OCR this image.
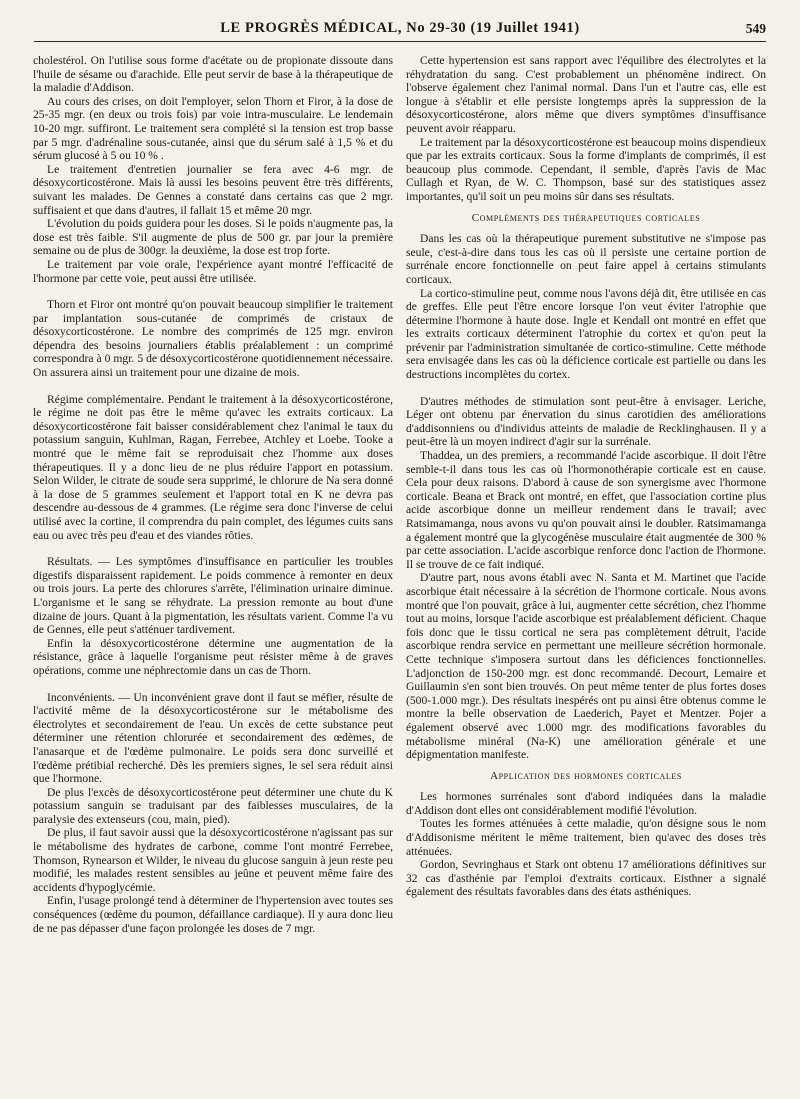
LE PROGRÈS MÉDICAL, No 29-30 (19 Juillet 1941)	549

cholestérol. On l'utilise sous forme d'acétate ou de propionate dissoute dans l'huile de sésame ou d'arachide. Elle peut servir de base à la thérapeutique de la maladie d'Addison.

Au cours des crises, on doit l'employer, selon Thorn et Firor, à la dose de 25-35 mgr. (en deux ou trois fois) par voie intra-musculaire. Le lendemain 10-20 mgr. suffiront. Le traitement sera complété si la tension est trop basse par 5 mgr. d'adrénaline sous-cutanée, ainsi que du sérum salé à 1,5 % et du sérum glucosé à 5 ou 10 % .

Le traitement d'entretien journalier se fera avec 4-6 mgr. de désoxycorticostérone. Mais là aussi les besoins peuvent être très différents, suivant les malades. De Gennes a constaté dans certains cas que 2 mgr. suffisaient et que dans d'autres, il fallait 15 et même 20 mgr.

L'évolution du poids guidera pour les doses. Si le poids n'augmente pas, la dose est très faible. S'il augmente de plus de 500 gr. par jour la première semaine ou de plus de 300gr. la deuxième, la dose est trop forte.

Le traitement par voie orale, l'expérience ayant montré l'efficacité de l'hormone par cette voie, peut aussi être utilisée.

Thorn et Firor ont montré qu'on pouvait beaucoup simplifier le traitement par implantation sous-cutanée de comprimés de cristaux de désoxycorticostérone. Le nombre des comprimés de 125 mgr. environ dépendra des besoins journaliers établis préalablement : un comprimé correspondra à 0 mgr. 5 de désoxycorticostérone quotidiennement nécessaire. On assurera ainsi un traitement pour une dizaine de mois.

Régime complémentaire. Pendant le traitement à la désoxycorticostérone, le régime ne doit pas être le même qu'avec les extraits corticaux. La désoxycorticostérone fait baisser considérablement chez l'animal le taux du potassium sanguin, Kuhlman, Ragan, Ferrebee, Atchley et Loebe. Tooke a montré que le même fait se reproduisait chez l'homme aux doses thérapeutiques. Il y a donc lieu de ne plus réduire l'apport en potassium. Selon Wilder, le citrate de soude sera supprimé, le chlorure de Na sera donné à la dose de 5 grammes seulement et l'apport total en K ne devra pas descendre au-dessous de 4 grammes. (Le régime sera donc l'inverse de celui utilisé avec la cortine, il comprendra du pain complet, des légumes cuits sans eau ou avec très peu d'eau et des viandes rôties.

Résultats. — Les symptômes d'insuffisance en particulier les troubles digestifs disparaissent rapidement. Le poids commence à remonter en deux ou trois jours. La perte des chlorures s'arrête, l'élimination urinaire diminue. L'organisme et le sang se réhydrate. La pression remonte au bout d'une dizaine de jours. Quant à la pigmentation, les résultats varient. Comme l'a vu de Gennes, elle peut s'atténuer tardivement.

Enfin la désoxycorticostérone détermine une augmentation de la résistance, grâce à laquelle l'organisme peut résister même à de graves opérations, comme une néphrectomie dans un cas de Thorn.

Inconvénients. — Un inconvénient grave dont il faut se méfier, résulte de l'activité même de la désoxycorticostérone sur le métabolisme des électrolytes et secondairement de l'eau. Un excès de cette substance peut déterminer une rétention chlorurée et secondairement des œdèmes, de l'anasarque et de l'œdème pulmonaire. Le poids sera donc surveillé et l'œdème prétibial recherché. Dès les premiers signes, le sel sera réduit ainsi que l'hormone.

De plus l'excès de désoxycorticostérone peut déterminer une chute du K potassium sanguin se traduisant par des faiblesses musculaires, de la paralysie des extenseurs (cou, main, pied).

De plus, il faut savoir aussi que la désoxycorticostérone n'agissant pas sur le métabolisme des hydrates de carbone, comme l'ont montré Ferrebee, Thomson, Rynearson et Wilder, le niveau du glucose sanguin à jeun reste peu modifié, les malades restent sensibles au jeûne et peuvent même faire des accidents d'hypoglycémie.

Enfin, l'usage prolongé tend à déterminer de l'hypertension avec toutes ses conséquences (œdème du poumon, défaillance cardiaque). Il y aura donc lieu de ne pas dépasser d'une façon prolongée les doses de 7 mgr.

Cette hypertension est sans rapport avec l'équilibre des électrolytes et la réhydratation du sang. C'est probablement un phénomène indirect. On l'observe également chez l'animal normal. Dans l'un et l'autre cas, elle est longue à s'établir et elle persiste longtemps après la suppression de la désoxycorticostérone, alors même que divers symptômes d'insuffisance peuvent avoir réapparu.

Le traitement par la désoxycorticostérone est beaucoup moins dispendieux que par les extraits corticaux. Sous la forme d'implants de comprimés, il est beaucoup plus commode. Cependant, il semble, d'après l'avis de Mac Cullagh et Ryan, de W. C. Thompson, basé sur des statistiques assez importantes, qu'il soit un peu moins sûr dans ses résultats.

Compléments des thérapeutiques corticales

Dans les cas où la thérapeutique purement substitutive ne s'impose pas seule, c'est-à-dire dans tous les cas où il persiste une certaine portion de surrénale encore fonctionnelle on peut faire appel à certains stimulants corticaux.

La cortico-stimuline peut, comme nous l'avons déjà dit, être utilisée en cas de greffes. Elle peut l'être encore lorsque l'on veut éviter l'atrophie que détermine l'hormone à haute dose. Ingle et Kendall ont montré en effet que les extraits corticaux déterminent l'atrophie du cortex et qu'on peut la prévenir par l'administration simultanée de cortico-stimuline. Cette méthode sera envisagée dans les cas où la déficience corticale est partielle ou dans les destructions incomplètes du cortex.

D'autres méthodes de stimulation sont peut-être à envisager. Leriche, Léger ont obtenu par énervation du sinus carotidien des améliorations d'addisonniens ou d'individus atteints de maladie de Recklinghausen. Il y a peut-être là un moyen indirect d'agir sur la surrénale.

Thaddea, un des premiers, a recommandé l'acide ascorbique. Il doit l'être semble-t-il dans tous les cas où l'hormonothérapie corticale est en cause. Cela pour deux raisons. D'abord à cause de son synergisme avec l'hormone corticale. Beana et Brack ont montré, en effet, que l'association cortine plus acide ascorbique donne un meilleur rendement dans le travail; avec Ratsimamanga, nous avons vu qu'on pouvait ainsi le doubler. Ratsimamanga a également montré que la glycogénèse musculaire était augmentée de 300 % par cette association. L'acide ascorbique renforce donc l'action de l'hormone. Il se trouve de ce fait indiqué.

D'autre part, nous avons établi avec N. Santa et M. Martinet que l'acide ascorbique était nécessaire à la sécrétion de l'hormone corticale. Nous avons montré que l'on pouvait, grâce à lui, augmenter cette sécrétion, chez l'homme tout au moins, lorsque l'acide ascorbique est préalablement déficient. Chaque fois donc que le tissu cortical ne sera pas complètement détruit, l'acide ascorbique rendra service en permettant une meilleure sécrétion hormonale. Cette technique s'imposera surtout dans les déficiences fonctionnelles. L'adjonction de 150-200 mgr. est donc recommandé. Decourt, Lemaire et Guillaumin s'en sont bien trouvés. On peut même tenter de plus fortes doses (500-1.000 mgr.). Des résultats inespérés ont pu ainsi être obtenus comme le montre la belle observation de Laederich, Payet et Mentzer. Pojer a également observé avec 1.000 mgr. des modifications favorables du métabolisme minéral (Na-K) une amélioration générale et une dépigmentation manifeste.

Application des hormones corticales

Les hormones surrénales sont d'abord indiquées dans la maladie d'Addison dont elles ont considérablement modifié l'évolution.

Toutes les formes atténuées à cette maladie, qu'on désigne sous le nom d'Addisonisme méritent le même traitement, bien qu'avec des doses très atténuées.

Gordon, Sevringhaus et Stark ont obtenu 17 améliorations définitives sur 32 cas d'asthénie par l'emploi d'extraits corticaux. Eisthner a signalé également des résultats favorables dans des états asthéniques.
